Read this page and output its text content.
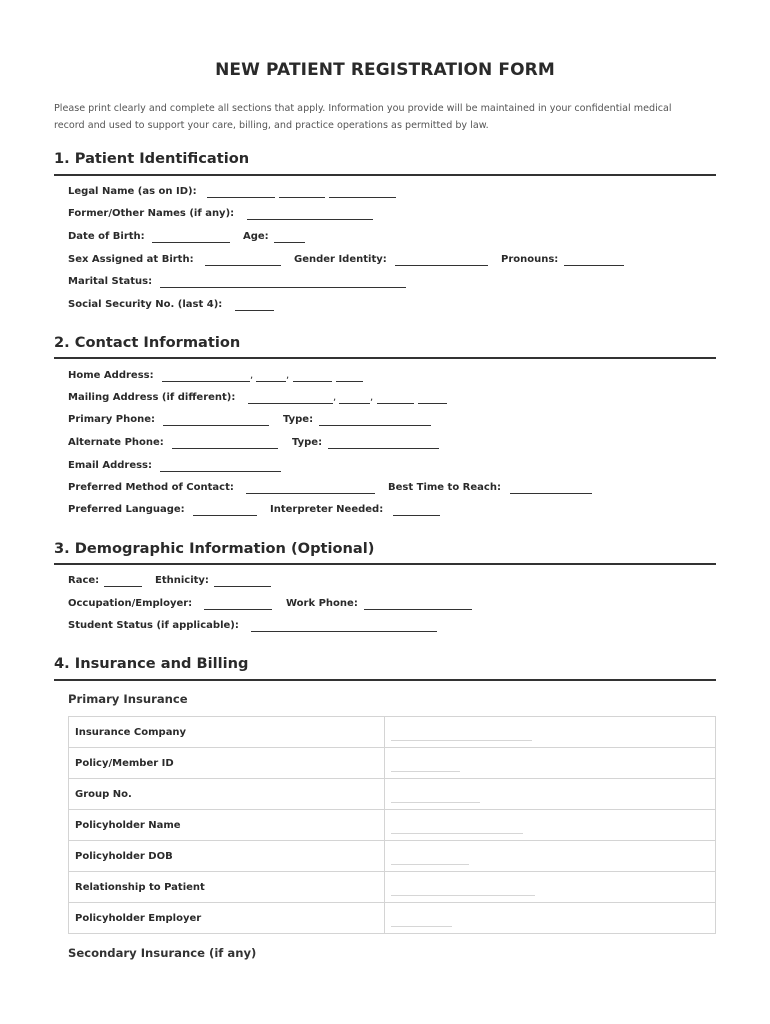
NEW PATIENT REGISTRATION FORM
Please print clearly and complete all sections that apply. Information you provide will be maintained in your confidential medical
record and used to support your care, billing, and practice operations as permitted by law.
1. Patient Identification
Legal Name (as on ID):
Former/Other Names (if any):
Date of Birth:	Age:
Sex Assigned at Birth:	Gender Identity:	Pronouns:
Marital Status:
Social Security No. (last 4):
2. Contact Information
Home Address:	,	,
Mailing Address (if different):	,	,
Primary Phone:	Type:
Alternate Phone:	Type:
Email Address:
Preferred Method of Contact:	Best Time to Reach:
Preferred Language:	Interpreter Needed:
3. Demographic Information (Optional)
Race:	Ethnicity:
Occupation/Employer:	Work Phone:
Student Status (if applicable):
4. Insurance and Billing
Primary Insurance
Insurance Company	

Policy/Member ID	

Group No.	

Policyholder Name	

Policyholder DOB	

Relationship to Patient	

Policyholder Employer	
Secondary Insurance (if any)
